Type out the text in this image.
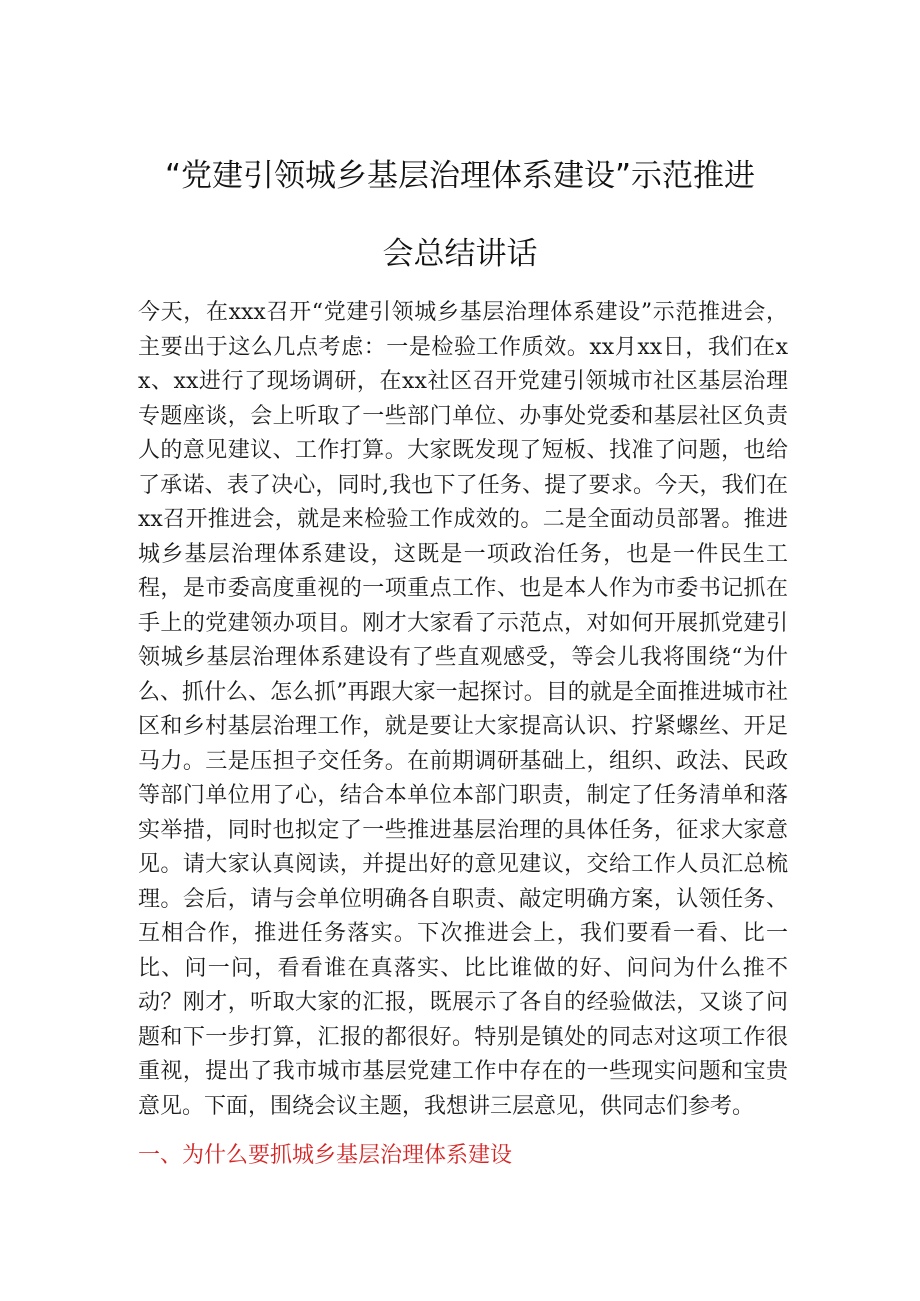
“党建引领城乡基层治理体系建设”示范推进
会总结讲话

今天，在xxx召开“党建引领城乡基层治理体系建设”示范推进会，主要出于这么几点考虑：一是检验工作质效。xx月xx日，我们在xx、xx进行了现场调研，在xx社区召开党建引领城市社区基层治理专题座谈，会上听取了一些部门单位、办事处党委和基层社区负责人的意见建议、工作打算。大家既发现了短板、找准了问题，也给了承诺、表了决心，同时,我也下了任务、提了要求。今天，我们在xx召开推进会，就是来检验工作成效的。二是全面动员部署。推进城乡基层治理体系建设，这既是一项政治任务，也是一件民生工程，是市委高度重视的一项重点工作、也是本人作为市委书记抓在手上的党建领办项目。刚才大家看了示范点，对如何开展抓党建引领城乡基层治理体系建设有了些直观感受，等会儿我将围绕“为什么、抓什么、怎么抓”再跟大家一起探讨。目的就是全面推进城市社区和乡村基层治理工作，就是要让大家提高认识、拧紧螺丝、开足马力。三是压担子交任务。在前期调研基础上，组织、政法、民政等部门单位用了心，结合本单位本部门职责，制定了任务清单和落实举措，同时也拟定了一些推进基层治理的具体任务，征求大家意见。请大家认真阅读，并提出好的意见建议，交给工作人员汇总梳理。会后，请与会单位明确各自职责、敲定明确方案，认领任务、互相合作，推进任务落实。下次推进会上，我们要看一看、比一比、问一问，看看谁在真落实、比比谁做的好、问问为什么推不动？刚才，听取大家的汇报，既展示了各自的经验做法，又谈了问题和下一步打算，汇报的都很好。特别是镇处的同志对这项工作很重视，提出了我市城市基层党建工作中存在的一些现实问题和宝贵意见。下面，围绕会议主题，我想讲三层意见，供同志们参考。

一、为什么要抓城乡基层治理体系建设
